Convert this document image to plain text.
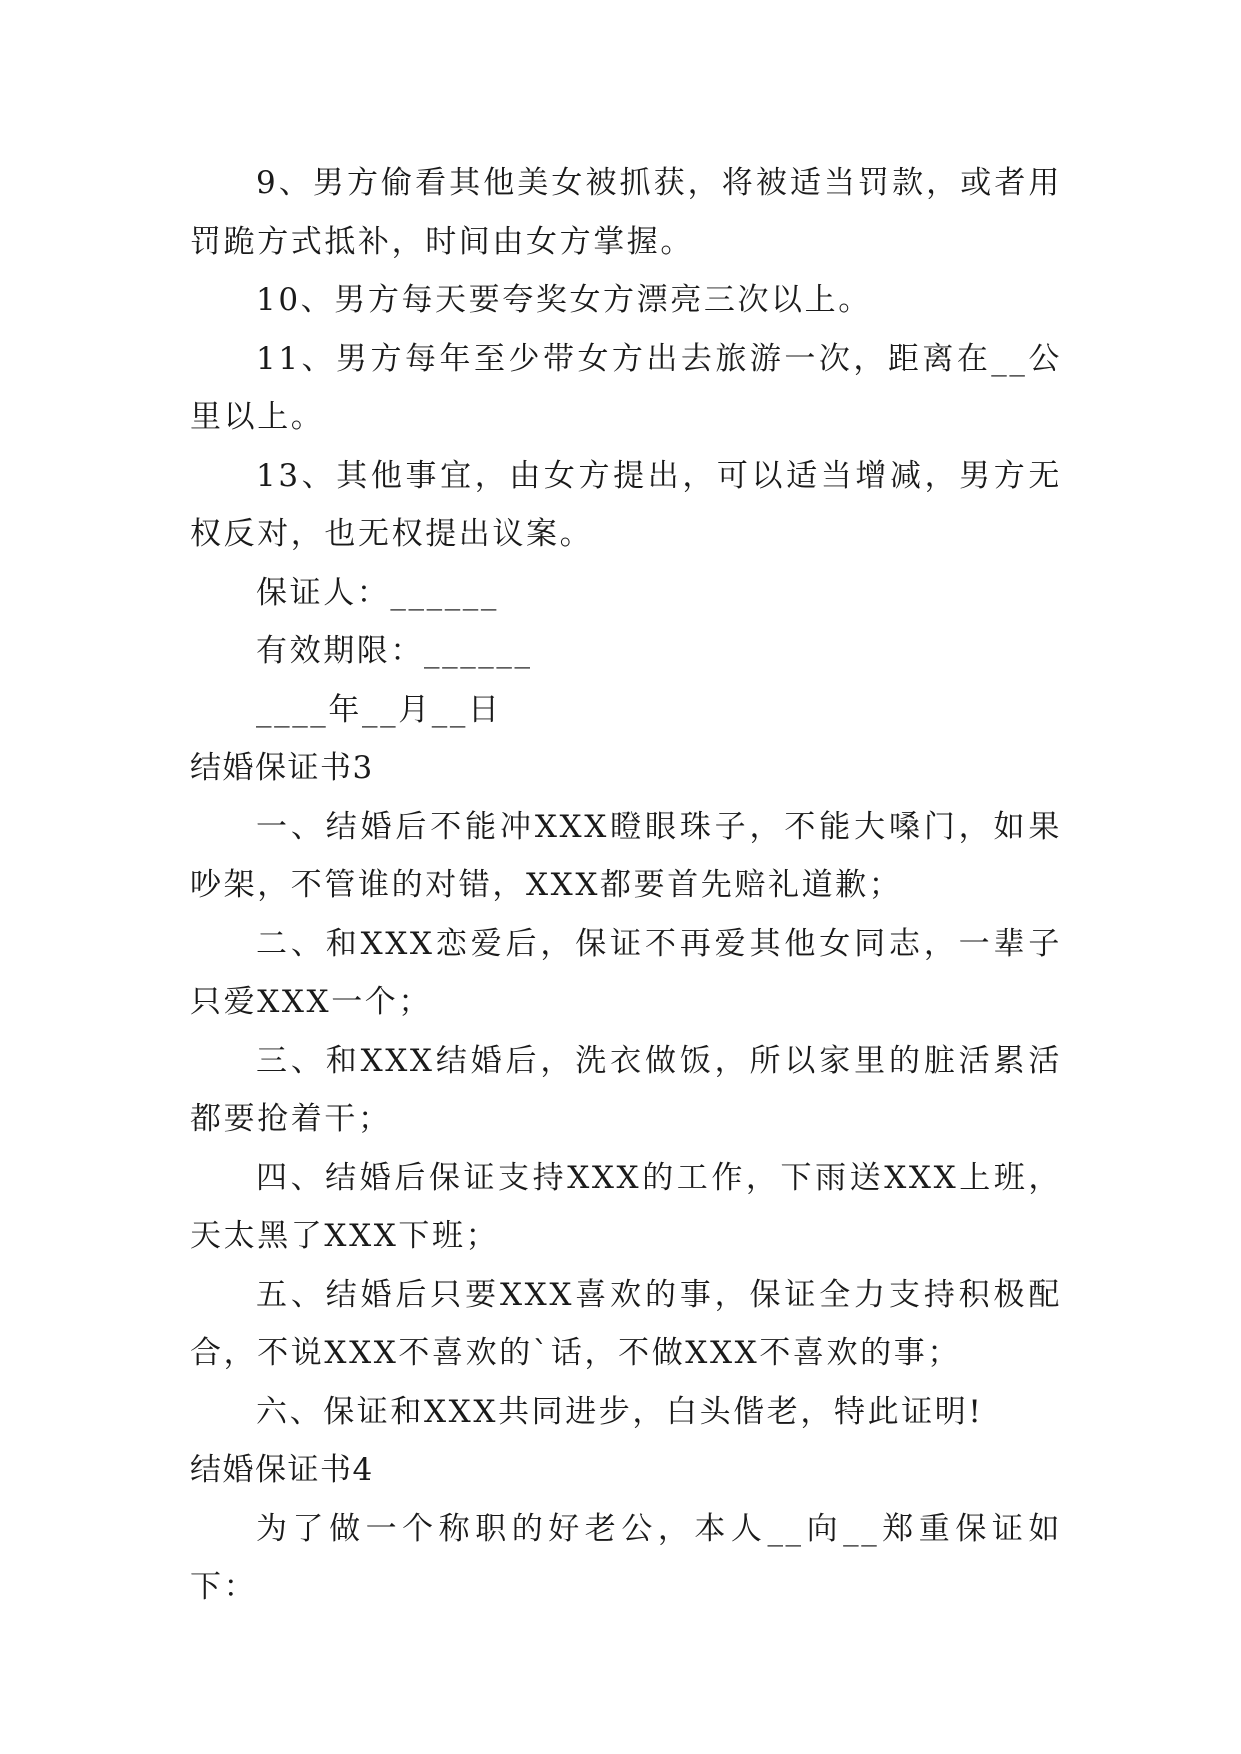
9、男方偷看其他美女被抓获，将被适当罚款，或者用罚跪方式抵补，时间由女方掌握。

10、男方每天要夸奖女方漂亮三次以上。

11、男方每年至少带女方出去旅游一次，距离在__公里以上。

13、其他事宜，由女方提出，可以适当增减，男方无权反对，也无权提出议案。

保证人：______

有效期限：______

____年__月__日

结婚保证书3

一、结婚后不能冲XXX瞪眼珠子，不能大嗓门，如果吵架，不管谁的对错，XXX都要首先赔礼道歉；

二、和XXX恋爱后，保证不再爱其他女同志，一辈子只爱XXX一个；

三、和XXX结婚后，洗衣做饭，所以家里的脏活累活都要抢着干；

四、结婚后保证支持XXX的工作，下雨送XXX上班，天太黑了XXX下班；

五、结婚后只要XXX喜欢的事，保证全力支持积极配合，不说XXX不喜欢的`话，不做XXX不喜欢的事；

六、保证和XXX共同进步，白头偕老，特此证明!

结婚保证书4

为了做一个称职的好老公，本人__向__郑重保证如下：
